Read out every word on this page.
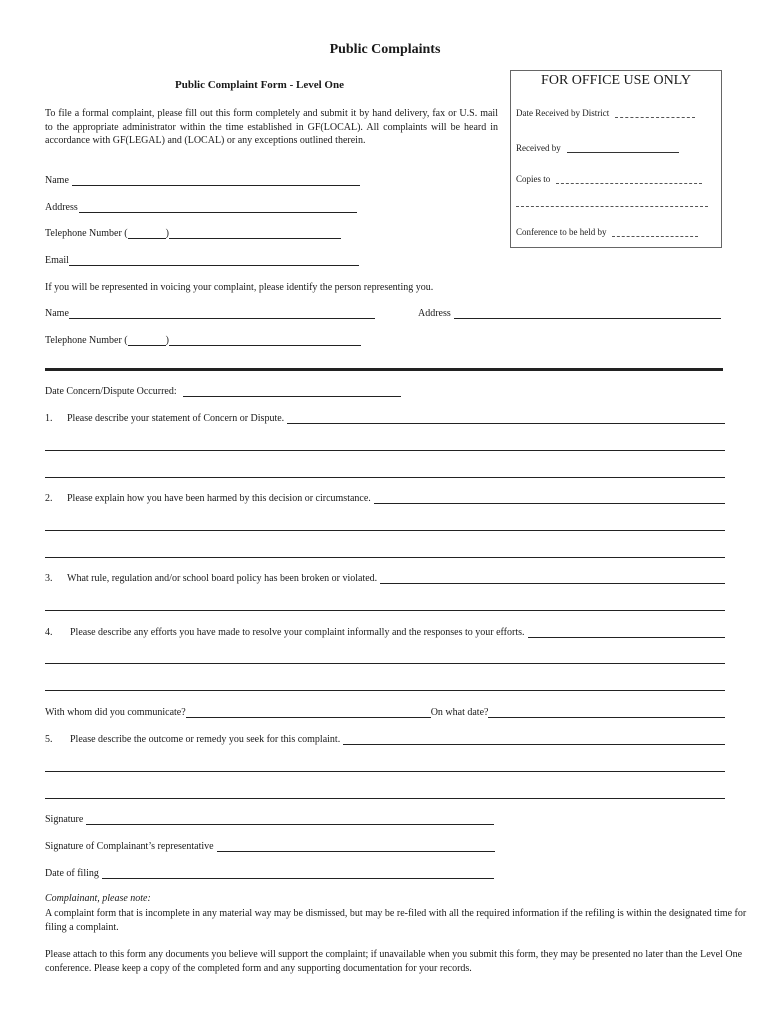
Public Complaints
Public Complaint Form - Level One
To file a formal complaint, please fill out this form completely and submit it by hand delivery, fax or U.S. mail to the appropriate administrator within the time established in GF(LOCAL). All complaints will be heard in accordance with GF(LEGAL) and (LOCAL) or any exceptions outlined therein.
FOR OFFICE USE ONLY
Date Received by District
Received by
Copies to
Conference to be held by
Name
Address
Telephone Number (	)
Email
If you will be represented in voicing your complaint, please identify the person representing you.
Name	Address
Telephone Number (	)
Date Concern/Dispute Occurred:
1.	Please describe your statement of Concern or Dispute.
2.	Please explain how you have been harmed by this decision or circumstance.
3.	What rule, regulation and/or school board policy has been broken or violated.
4.	Please describe any efforts you have made to resolve your complaint informally and the responses to your efforts.
With whom did you communicate?	On what date?
5.	Please describe the outcome or remedy you seek for this complaint.
Signature
Signature of Complainant’s representative
Date of filing
Complainant, please note:
A complaint form that is incomplete in any material way may be dismissed, but may be re-filed with all the required information if the refiling is within the designated time for filing a complaint.
Please attach to this form any documents you believe will support the complaint; if unavailable when you submit this form, they may be presented no later than the Level One conference. Please keep a copy of the completed form and any supporting documentation for your records.
